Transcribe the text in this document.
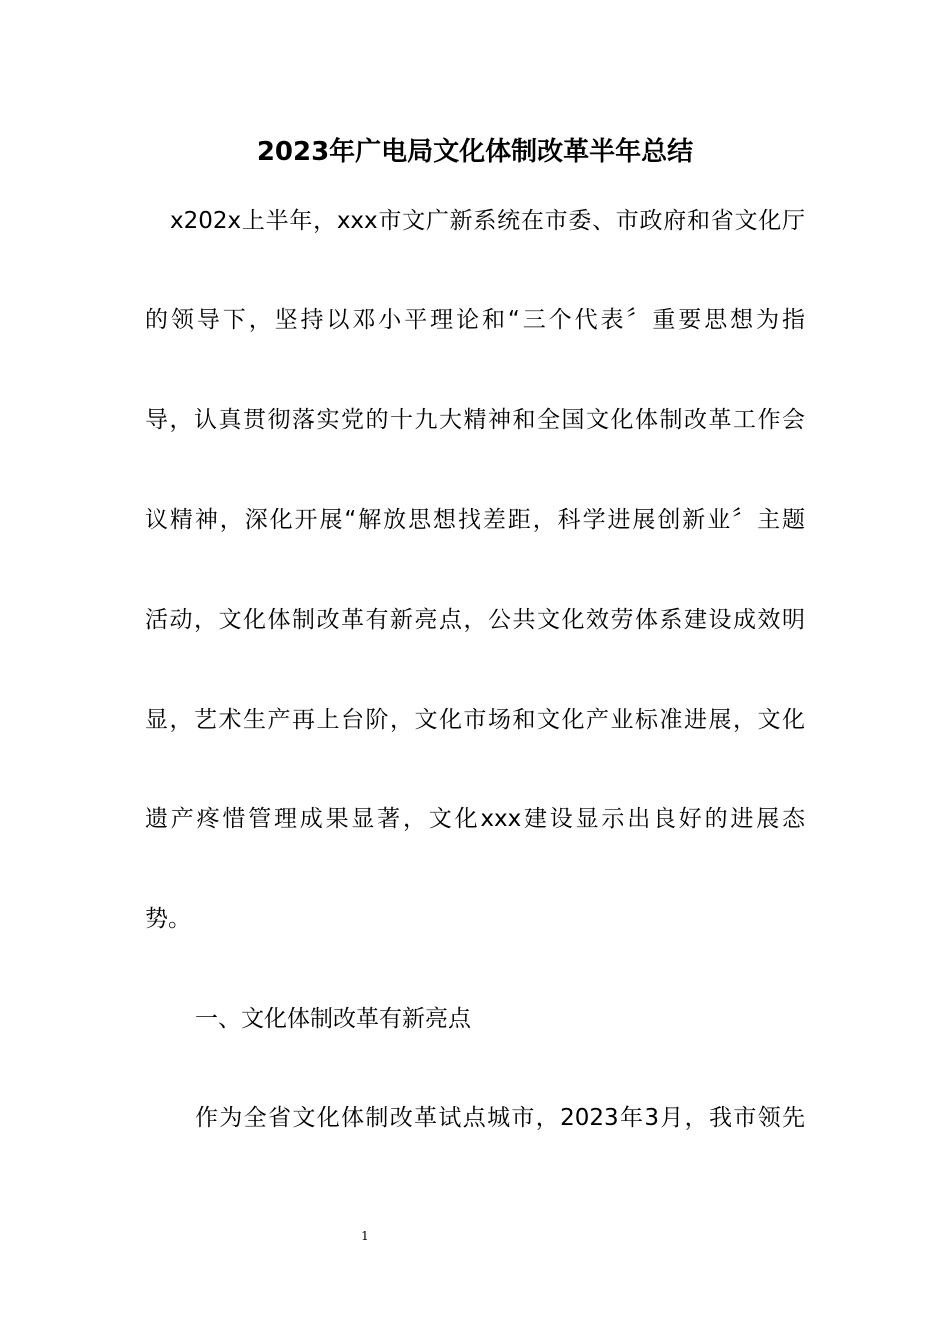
2023年广电局文化体制改革半年总结
x202x上半年，xxx市文广新系统在市委、市政府和省文化厅
的领导下，坚持以邓小平理论和“三个代表〞重要思想为指
导，认真贯彻落实党的十九大精神和全国文化体制改革工作会
议精神，深化开展“解放思想找差距，科学进展创新业〞主题
活动，文化体制改革有新亮点，公共文化效劳体系建设成效明
显，艺术生产再上台阶，文化市场和文化产业标准进展，文化
遗产疼惜管理成果显著，文化xxx建设显示出良好的进展态
势。
一、文化体制改革有新亮点
作为全省文化体制改革试点城市，2023年3月，我市领先
1
